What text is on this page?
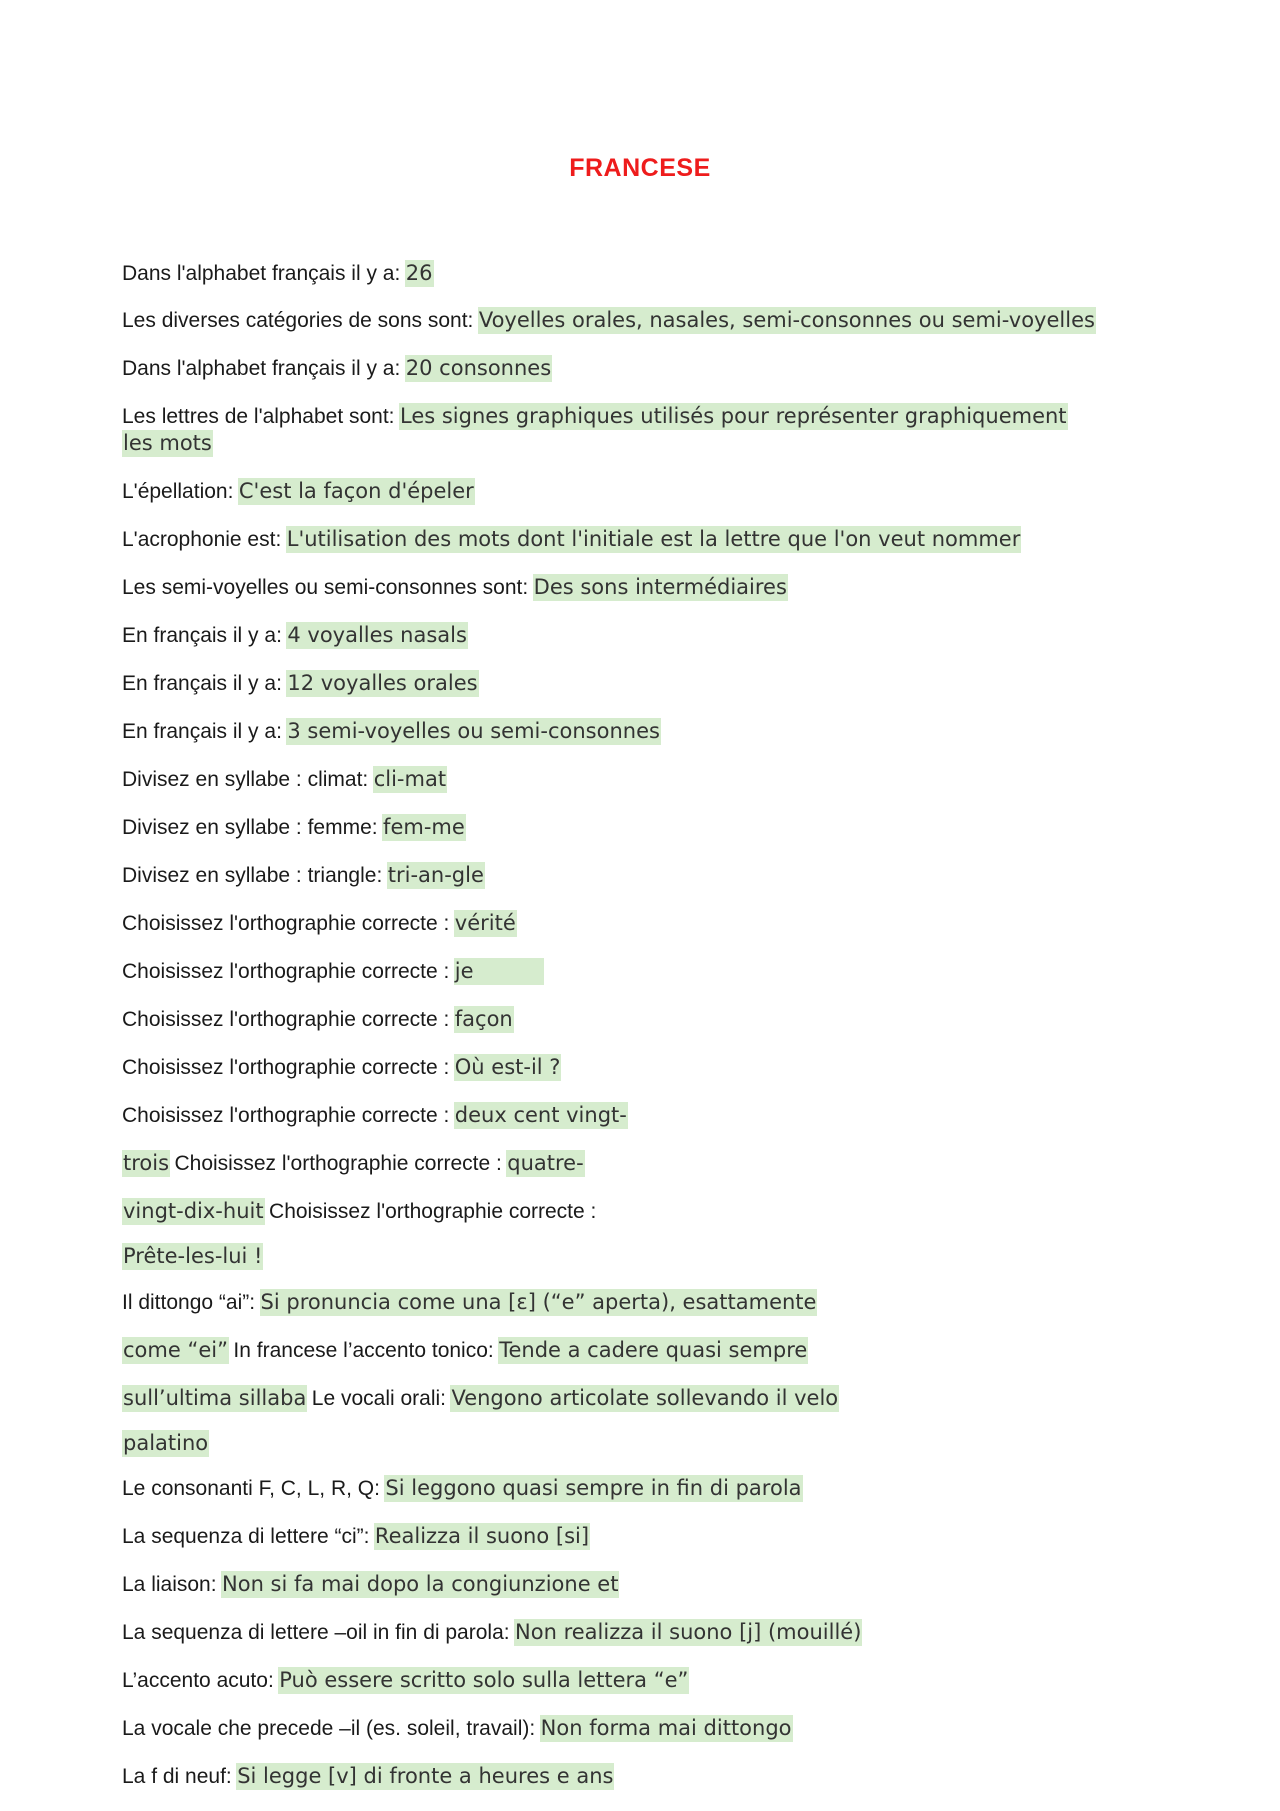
FRANCESE
Dans l'alphabet français il y a: 26
Les diverses catégories de sons sont: Voyelles orales, nasales, semi-consonnes ou semi-voyelles
Dans l'alphabet français il y a: 20 consonnes
Les lettres de l'alphabet sont: Les signes graphiques utilisés pour représenter graphiquement
les mots
L'épellation: C'est la façon d'épeler
L'acrophonie est: L'utilisation des mots dont l'initiale est la lettre que l'on veut nommer
Les semi-voyelles ou semi-consonnes sont: Des sons intermédiaires
En français il y a: 4 voyalles nasals
En français il y a: 12 voyalles orales
En français il y a: 3 semi-voyelles ou semi-consonnes
Divisez en syllabe : climat: cli-mat
Divisez en syllabe : femme: fem-me
Divisez en syllabe : triangle: tri-an-gle
Choisissez l'orthographie correcte : vérité
Choisissez l'orthographie correcte : je
Choisissez l'orthographie correcte : façon
Choisissez l'orthographie correcte : Où est-il ?
Choisissez l'orthographie correcte : deux cent vingt-
trois Choisissez l'orthographie correcte : quatre-
vingt-dix-huit Choisissez l'orthographie correcte :
Prête-les-lui !
Il dittongo “ai”: Si pronuncia come una [ɛ] (“e” aperta), esattamente
come “ei” In francese l’accento tonico: Tende a cadere quasi sempre
sull’ultima sillaba Le vocali orali: Vengono articolate sollevando il velo
palatino
Le consonanti F, C, L, R, Q: Si leggono quasi sempre in fin di parola
La sequenza di lettere “ci”: Realizza il suono [si]
La liaison: Non si fa mai dopo la congiunzione et
La sequenza di lettere –oil in fin di parola: Non realizza il suono [j] (mouillé)
L’accento acuto: Può essere scritto solo sulla lettera “e”
La vocale che precede –il (es. soleil, travail): Non forma mai dittongo
La f di neuf: Si legge [v] di fronte a heures e ans
